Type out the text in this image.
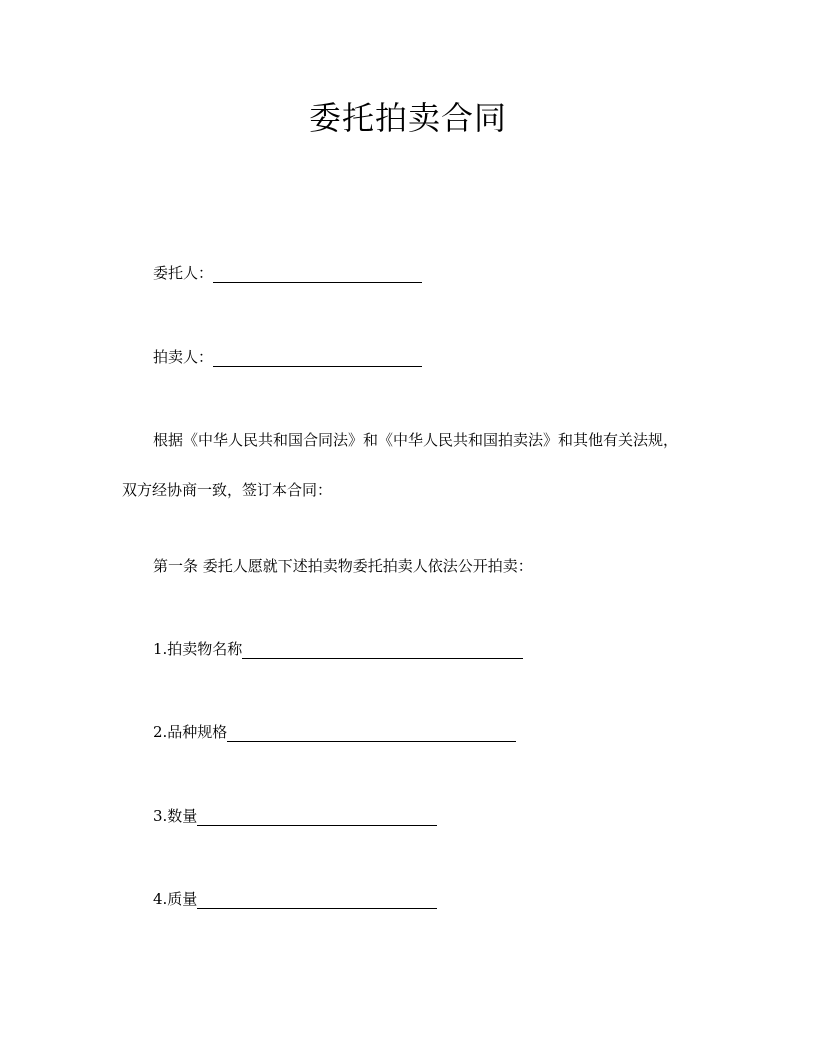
委托拍卖合同
委托人：
拍卖人：
根据《中华人民共和国合同法》和《中华人民共和国拍卖法》和其他有关法规，
双方经协商一致，签订本合同：
第一条 委托人愿就下述拍卖物委托拍卖人依法公开拍卖：
1.拍卖物名称
2.品种规格
3.数量
4.质量
